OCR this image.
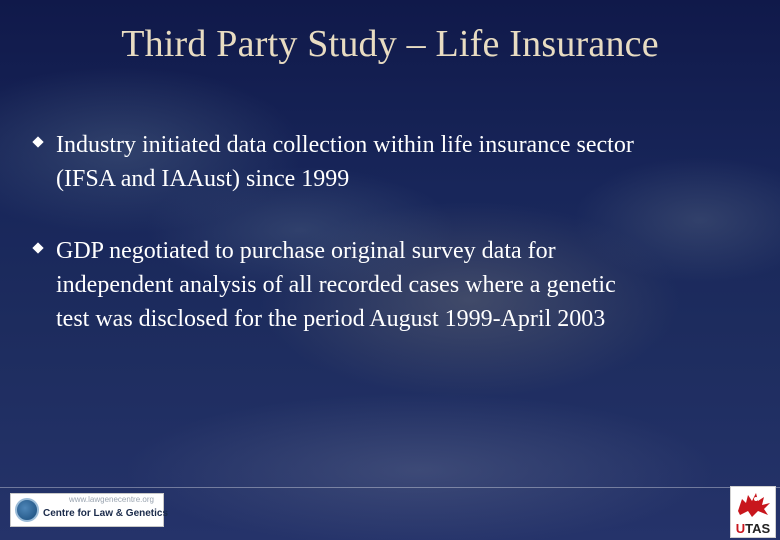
Third Party Study – Life Insurance
Industry initiated data collection within life insurance sector
(IFSA and IAAust) since 1999
GDP negotiated to purchase original survey data for
independent analysis of all recorded cases where a genetic
test was disclosed for the period August 1999-April 2003
www.lawgenecentre.org
Centre for Law & Genetics
UTAS
